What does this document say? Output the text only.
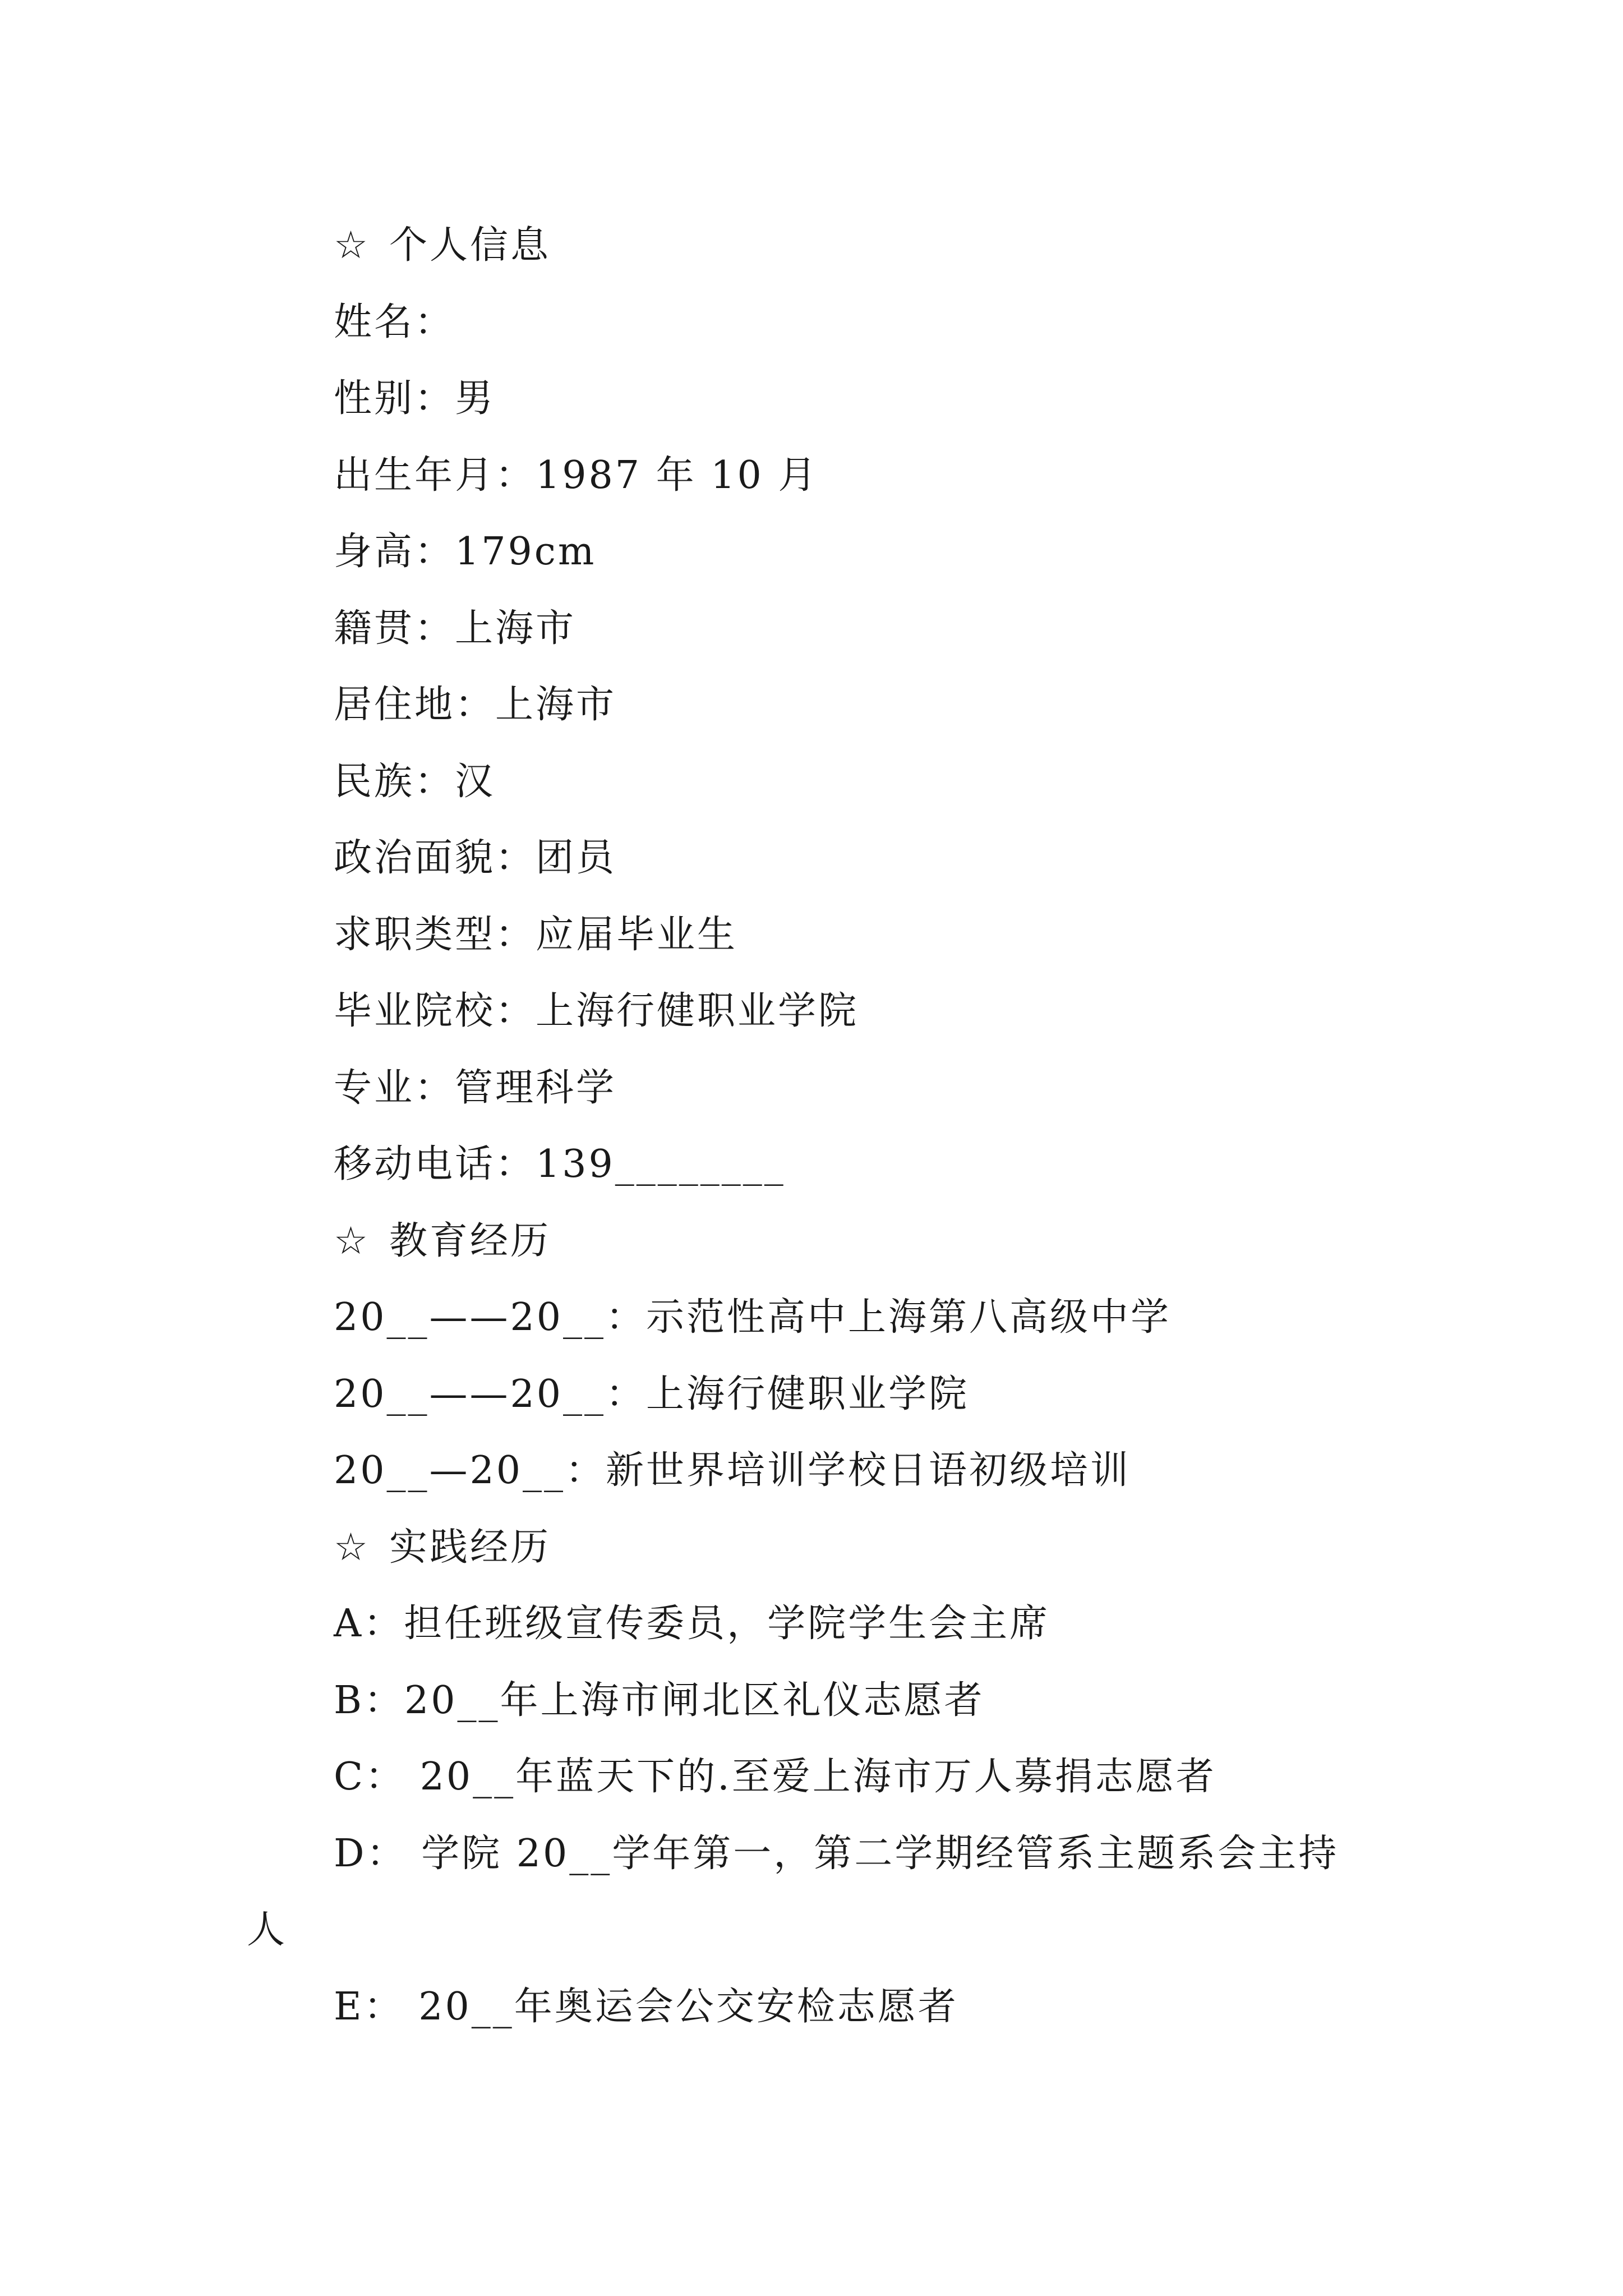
☆ 个人信息
姓名：
性别：男
出生年月：1987 年 10 月
身高：179cm
籍贯：上海市
居住地：上海市
民族：汉
政治面貌：团员
求职类型：应届毕业生
毕业院校：上海行健职业学院
专业：管理科学
移动电话：139________
☆ 教育经历
20__——20__：示范性高中上海第八高级中学
20__——20__：上海行健职业学院
20__—20__：新世界培训学校日语初级培训
☆ 实践经历
A：担任班级宣传委员，学院学生会主席
B：20__年上海市闸北区礼仪志愿者
C： 20__年蓝天下的.至爱上海市万人募捐志愿者
D： 学院 20__学年第一，第二学期经管系主题系会主持
人
E： 20__年奥运会公交安检志愿者
